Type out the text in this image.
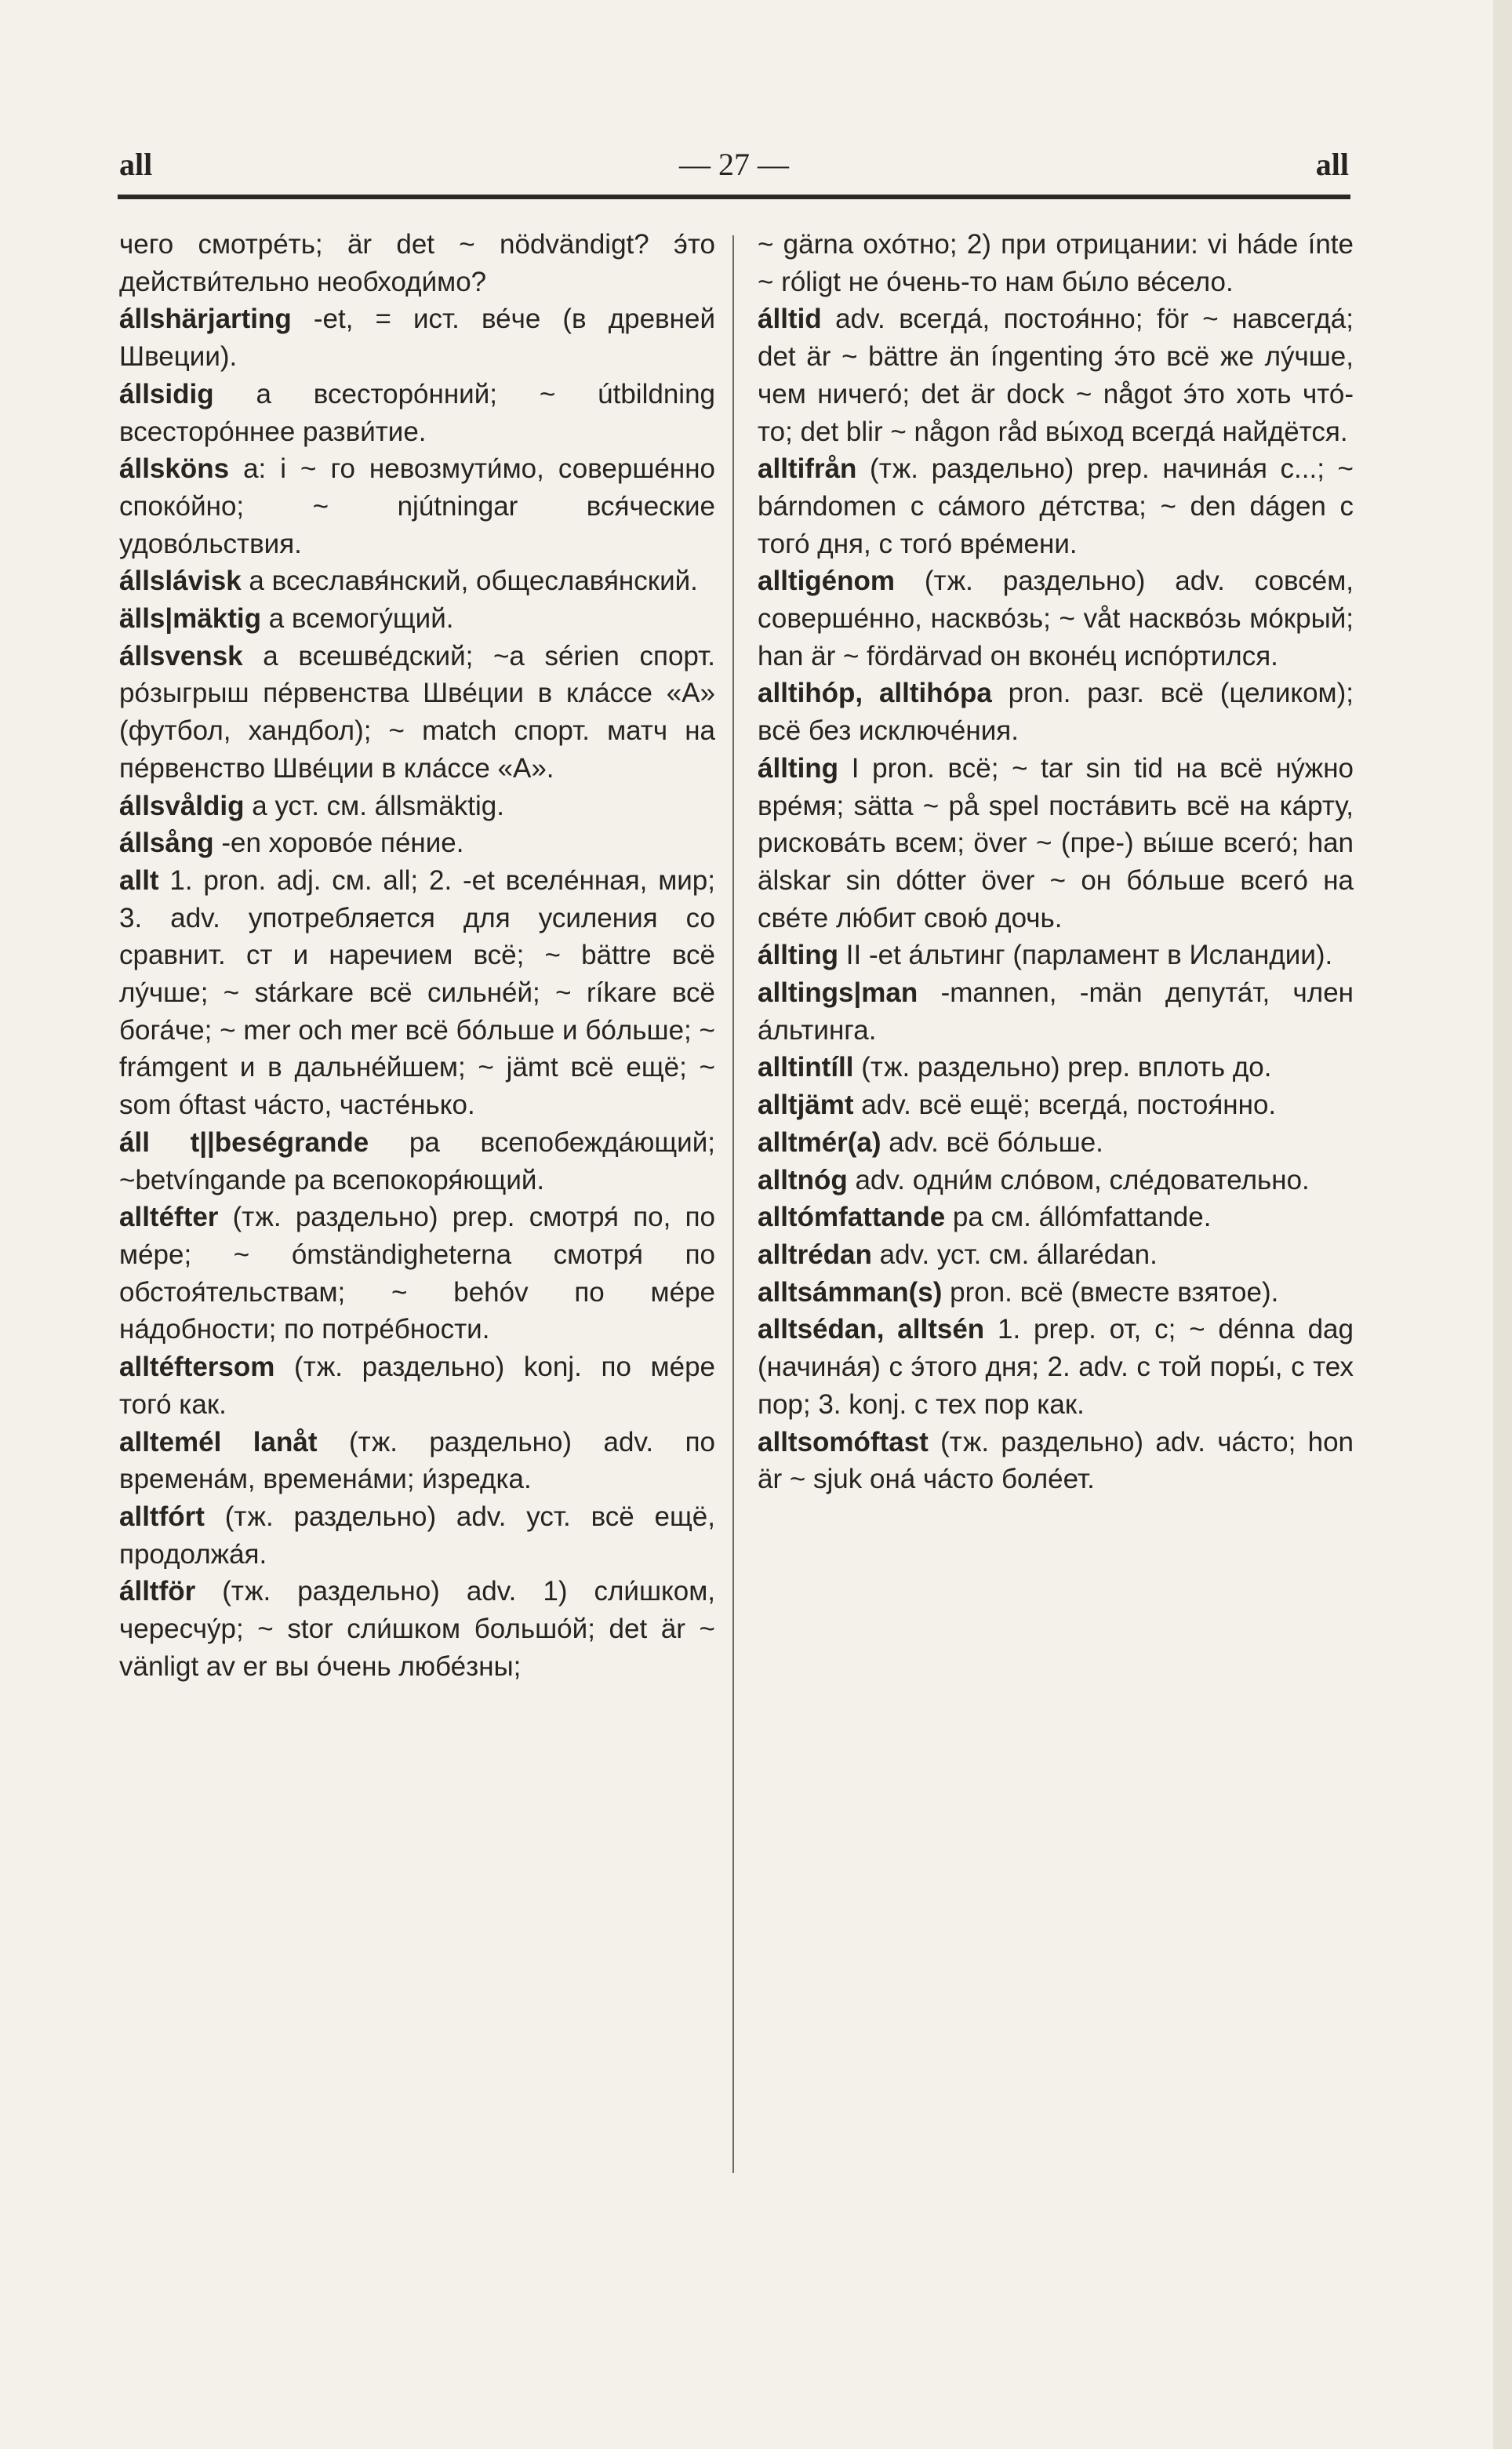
all	— 27 —	all

чего смотре́ть; är det ~ nödvändigt? э́то действи́тельно необходи́мо?

állshärjarting -et, = ист. ве́че (в древней Швеции).

állsidig a всесторо́нний; ~ útbildning всесторо́ннее разви́тие.

állsköns a: i ~ го невозмути́мо, соверше́нно споко́йно; ~ njútningar вся́ческие удово́льствия.

állslávisk a всеславя́нский, общеславя́нский.

älls|mäktig a всемогу́щий.

állsvensk a всешве́дский; ~a sérien спорт. ро́зыгрыш пе́рвенства Шве́ции в кла́ссе «А» (футбол, хандбол); ~ match спорт. матч на пе́рвенство Шве́ции в кла́ссе «А».

állsvåldig a уст. см. állsmäktig.

állsång -en хорово́е пе́ние.

allt 1. pron. adj. см. all; 2. -et вселе́нная, мир; 3. adv. употребляется для усиления со сравнит. ст и наречием всё; ~ bättre всё лу́чше; ~ stárkare всё сильне́й; ~ ríkare всё бога́че; ~ mer och mer всё бо́льше и бо́льше; ~ frámgent и в дальне́йшем; ~ jämt всё ещё; ~ som óftast ча́сто, часте́нько.

áll t||beségrande pa всепобежда́ющий; ~betvíngande pa всепокоря́ющий.

alltéfter (тж. раздельно) prep. смотря́ по, по ме́ре; ~ ómständigheterna смотря́ по обстоя́тельствам; ~ behóv по ме́ре на́добности; по потре́бности.

alltéftersom (тж. раздельно) konj. по ме́ре того́ как.

alltemél lanåt (тж. раздельно) adv. по времена́м, времена́ми; и́зредка.

alltfórt (тж. раздельно) adv. уст. всё ещё, продолжа́я.

álltför (тж. раздельно) adv. 1) сли́шком, чересчу́р; ~ stor сли́шком большо́й; det är ~ vänligt av er вы о́чень любе́зны;

~ gärna охо́тно; 2) при отрицании: vi háde ínte ~ róligt не о́чень-то нам бы́ло ве́село.

álltid adv. всегда́, постоя́нно; för ~ навсегда́; det är ~ bättre än íngenting э́то всё же лу́чше, чем ничего́; det är dock ~ något э́то хоть что́-то; det blir ~ någon råd вы́ход всегда́ найдётся.

alltifrån (тж. раздельно) prep. начина́я с...; ~ bárndomen с са́мого де́тства; ~ den dágen с того́ дня, с того́ вре́мени.

alltigénom (тж. раздельно) adv. совсе́м, соверше́нно, наскво́зь; ~ våt наскво́зь мо́крый; han är ~ fördärvad он вконе́ц испо́ртился.

alltihóp, alltihópa pron. разг. всё (целиком); всё без исключе́ния.

állting I pron. всё; ~ tar sin tid на всё ну́жно вре́мя; sätta ~ på spel поста́вить всё на ка́рту, рискова́ть всем; över ~ (пре-) вы́ше всего́; han älskar sin dótter över ~ он бо́льше всего́ на све́те лю́бит свою́ дочь.

állting II -et а́льтинг (парламент в Исландии).

alltings|man -mannen, -män депута́т, член а́льтинга.

alltintíll (тж. раздельно) prep. вплоть до.

alltjämt adv. всё ещё; всегда́, постоя́нно.

alltmér(a) adv. всё бо́льше.

alltnóg adv. одни́м сло́вом, сле́довательно.

alltómfattande pa см. állómfattande.

alltrédan adv. уст. см. állarédan.

alltsámman(s) pron. всё (вместе взятое).

alltsédan, alltsén 1. prep. от, с; ~ dénna dag (начина́я) с э́того дня; 2. adv. с той поры́, с тех пор; 3. konj. с тех пор как.

alltsomóftast (тж. раздельно) adv. ча́сто; hon är ~ sjuk она́ ча́сто боле́ет.
